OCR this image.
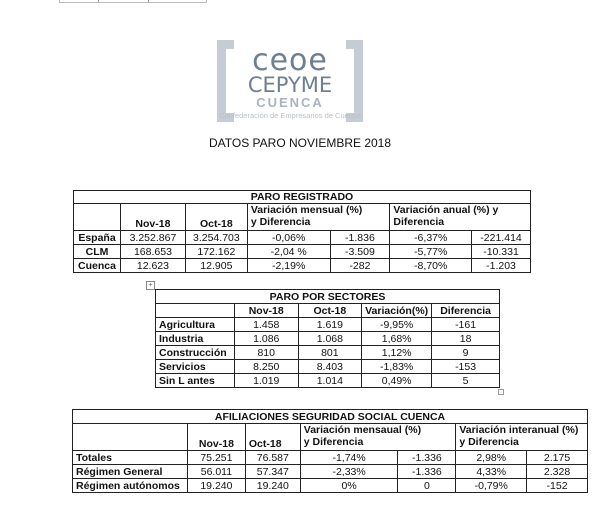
ceoe
CEPYME
CUENCA
Confederación de Empresarios de Cuenca
DATOS PARO NOVIEMBRE 2018
PARO REGISTRADO						
	Nov-18	Oct-18	Variación mensual (%) y Diferencia		Variación anual (%) y Diferencia	
España	3.252.867	3.254.703	-0,06%	-1.836	-6,37%	-221.414
CLM	168.653	172.162	-2,04 %	-3.509	-5,77%	-10.331
Cuenca	12.623	12.905	-2,19%	-282	-8,70%	-1.203
+
PARO POR SECTORES				
	Nov-18	Oct-18	Variación(%)	Diferencia
Agricultura	1.458	1.619	-9,95%	-161
Industria	1.086	1.068	1,68%	18
Construcción	810	801	1,12%	9
Servicios	8.250	8.403	-1,83%	-153
Sin L antes	1.019	1.014	0,49%	5
AFILIACIONES SEGURIDAD SOCIAL CUENCA						
	Nov-18	Oct-18	Variación mensaual (%) y Diferencia		Variación interanual (%) y Diferencia	
Totales	75.251	76.587	-1,74%	-1.336	2,98%	2.175
Régimen General	56.011	57.347	-2,33%	-1.336	4,33%	2.328
Régimen autónomos	19.240	19.240	0%	0	-0,79%	-152
